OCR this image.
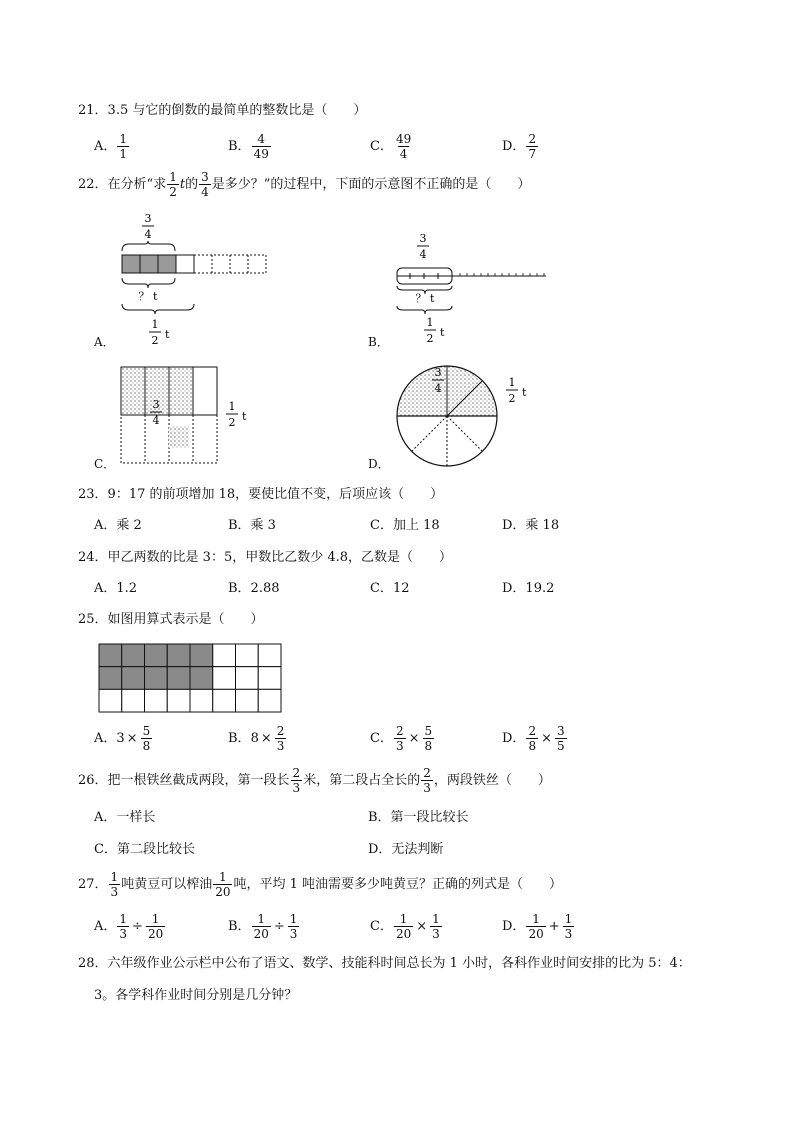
21．3.5 与它的倒数的最简单的整数比是（　　）
A． $\frac{1}{1}$	B． $\frac{4}{49}$	C． $\frac{49}{4}$	D． $\frac{2}{7}$
22．在分析“求 $\frac{1}{2}$ t 的 $\frac{3}{4}$ 是多少？”的过程中，下面的示意图不正确的是（　　）
3
4
？ t
1
2 t
A．
3
4
？ t
1
2 t
B．
3
4
1
2 t
C．
3
4	1
2 t
D．
23．9：17 的前项增加 18，要使比值不变，后项应该（　　）
A．乘 2	B．乘 3	C．加上 18	D．乘 18
24．甲乙两数的比是 3：5，甲数比乙数少 4.8，乙数是（　　）
A．1.2	B．2.88	C．12	D．19.2
25．如图用算式表示是（　　）
A． $3 \times \frac{5}{8}$	B． $8 \times \frac{2}{3}$	C． $\frac{2}{3} \times \frac{5}{8}$	D． $\frac{2}{8} \times \frac{3}{5}$
26．把一根铁丝截成两段，第一段长 $\frac{2}{3}$ 米，第二段占全长的 $\frac{2}{3}$ ，两段铁丝（　　）
A．一样长	B．第一段比较长
C．第二段比较长	D．无法判断
27． $\frac{1}{3}$ 吨黄豆可以榨油 $\frac{1}{20}$ 吨，平均 1 吨油需要多少吨黄豆？正确的列式是（　　）
A． $\frac{1}{3} \div \frac{1}{20}$	B． $\frac{1}{20} \div \frac{1}{3}$	C． $\frac{1}{20} \times \frac{1}{3}$	D． $\frac{1}{20} + \frac{1}{3}$
28．六年级作业公示栏中公布了语文、数学、技能科时间总长为 1 小时，各科作业时间安排的比为 5：4：
3。各学科作业时间分别是几分钟？
